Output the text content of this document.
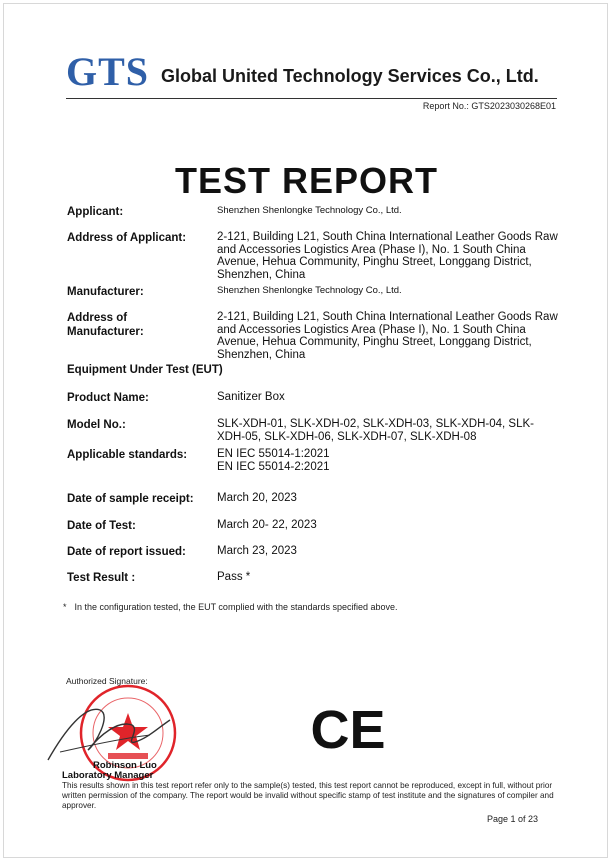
GTS Global United Technology Services Co., Ltd.
Report No.: GTS2023030268E01
TEST REPORT
Applicant:	Shenzhen Shenlongke Technology Co., Ltd.
Address of Applicant:	2-121, Building L21, South China International Leather Goods Raw and Accessories Logistics Area (Phase I), No. 1 South China Avenue, Hehua Community, Pinghu Street, Longgang District, Shenzhen, China
Manufacturer:	Shenzhen Shenlongke Technology Co., Ltd.
Address of Manufacturer:
2-121, Building L21, South China International Leather Goods Raw and Accessories Logistics Area (Phase I), No. 1 South China Avenue, Hehua Community, Pinghu Street, Longgang District, Shenzhen, China
Equipment Under Test (EUT)
Product Name:	Sanitizer Box
Model No.:	SLK-XDH-01, SLK-XDH-02, SLK-XDH-03, SLK-XDH-04, SLK-XDH-05, SLK-XDH-06, SLK-XDH-07, SLK-XDH-08
Applicable standards:	EN IEC 55014-1:2021
EN IEC 55014-2:2021
Date of sample receipt:	March 20, 2023
Date of Test:	March 20- 22, 2023
Date of report issued:	March 23, 2023
Test Result :	Pass *
* In the configuration tested, the EUT complied with the standards specified above.
Authorized Signature:
Robinson Luo
Laboratory Manager
CE
This results shown in this test report refer only to the sample(s) tested, this test report cannot be reproduced, except in full, without prior written permission of the company. The report would be invalid without specific stamp of test institute and the signatures of compiler and approver.
Page 1 of 23
